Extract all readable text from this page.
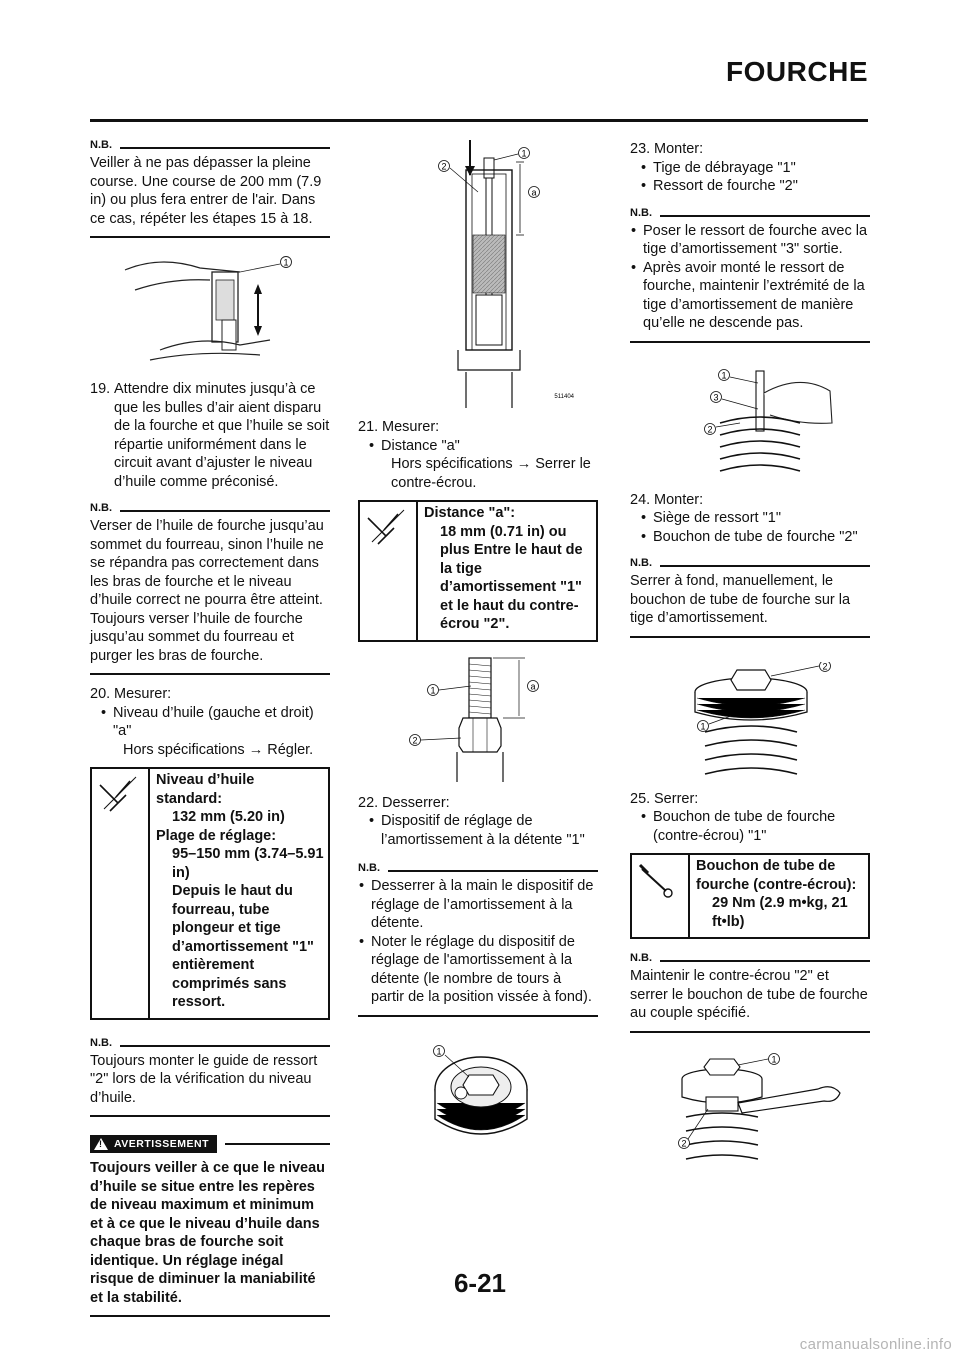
FOURCHE
N.B.
Veiller à ne pas dépasser la pleine course. Une course de 200 mm (7.9 in) ou plus fera entrer de l'air. Dans ce cas, répéter les étapes 15 à 18.
1
19. Attendre dix minutes jusqu’à ce que les bulles d’air aient disparu de la fourche et que l’huile se soit répartie uniformément dans le circuit avant d’ajuster le niveau d’huile comme préconisé.
N.B.
Verser de l’huile de fourche jusqu’au sommet du fourreau, sinon l’huile ne se répandra pas correctement dans les bras de fourche et le niveau d’huile correct ne pourra être atteint. Toujours verser l’huile de fourche jusqu’au sommet du fourreau et purger les bras de fourche.
20. Mesurer:
• Niveau d’huile (gauche et droit) "a"
Hors spécifications → Régler.
Niveau d’huile standard:
132 mm (5.20 in)
Plage de réglage:
95–150 mm (3.74–5.91 in)
Depuis le haut du fourreau, tube plongeur et tige d’amortissement "1" entièrement comprimés sans ressort.
N.B.
Toujours monter le guide de ressort "2" lors de la vérification du niveau d’huile.
! AVERTISSEMENT
Toujours veiller à ce que le niveau d’huile se situe entre les repères de niveau maximum et minimum et à ce que le niveau d’huile dans chaque bras de fourche soit identique. Un réglage inégal risque de diminuer la maniabilité et la stabilité.
1
2
a
511404
21. Mesurer:
• Distance "a"
Hors spécifications → Serrer le contre-écrou.
Distance "a":
18 mm (0.71 in) ou plus Entre le haut de la tige d’amortissement "1" et le haut du contre-écrou "2".
a
1
2
22. Desserrer:
• Dispositif de réglage de l’amortissement à la détente "1"
N.B.
• Desserrer à la main le dispositif de réglage de l’amortissement à la détente.
• Noter le réglage du dispositif de réglage de l'amortissement à la détente (le nombre de tours à partir de la position vissée à fond).
1
23. Monter:
• Tige de débrayage "1"
• Ressort de fourche "2"
N.B.
• Poser le ressort de fourche avec la tige d’amortissement "3" sortie.
• Après avoir monté le ressort de fourche, maintenir l’extrémité de la tige d’amortissement de manière qu’elle ne descende pas.
1
3
2
24. Monter:
• Siège de ressort "1"
• Bouchon de tube de fourche "2"
N.B.
Serrer à fond, manuellement, le bouchon de tube de fourche sur la tige d’amortissement.
2
1
25. Serrer:
• Bouchon de tube de fourche (contre-écrou) "1"
Bouchon de tube de fourche (contre-écrou):
29 Nm (2.9 m•kg, 21 ft•lb)
N.B.
Maintenir le contre-écrou "2" et serrer le bouchon de tube de fourche au couple spécifié.
1
2
6-21
carmanualsonline.info
